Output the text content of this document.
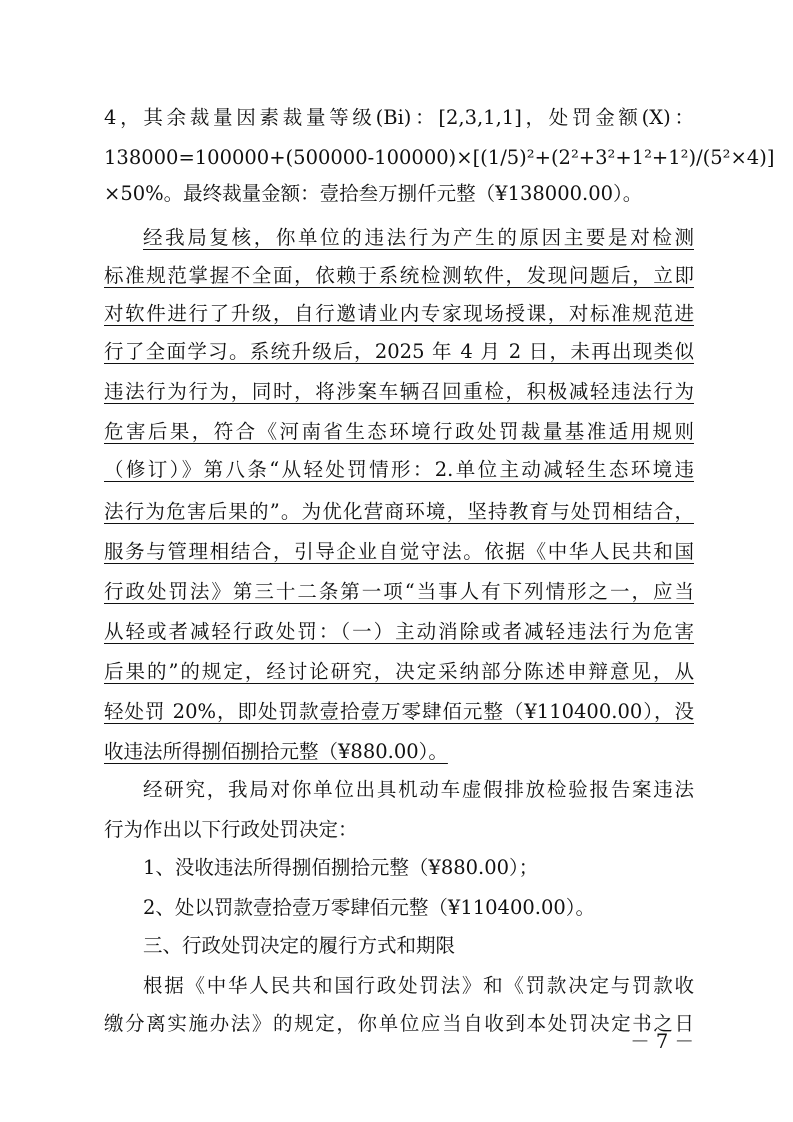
4，其余裁量因素裁量等级(Bi)：[2,3,1,1]，处罚金额(X)：
138000=100000+(500000-100000)×[(1/5)²+(2²+3²+1²+1²)/(5²×4)]
×50%。最终裁量金额：壹拾叁万捌仟元整（¥138000.00）。
经我局复核，你单位的违法行为产生的原因主要是对检测
标准规范掌握不全面，依赖于系统检测软件，发现问题后，立即
对软件进行了升级，自行邀请业内专家现场授课，对标准规范进
行了全面学习。系统升级后，2025 年 4 月 2 日，未再出现类似
违法行为行为，同时，将涉案车辆召回重检，积极减轻违法行为
危害后果，符合《河南省生态环境行政处罚裁量基准适用规则
（修订）》第八条“从轻处罚情形：2.单位主动减轻生态环境违
法行为危害后果的”。为优化营商环境，坚持教育与处罚相结合，
服务与管理相结合，引导企业自觉守法。依据《中华人民共和国
行政处罚法》第三十二条第一项“当事人有下列情形之一，应当
从轻或者减轻行政处罚：（一）主动消除或者减轻违法行为危害
后果的”的规定，经讨论研究，决定采纳部分陈述申辩意见，从
轻处罚 20%，即处罚款壹拾壹万零肆佰元整（¥110400.00），没
收违法所得捌佰捌拾元整（¥880.00）。
经研究，我局对你单位出具机动车虚假排放检验报告案违法
行为作出以下行政处罚决定：
1、没收违法所得捌佰捌拾元整（¥880.00）；
2、处以罚款壹拾壹万零肆佰元整（¥110400.00）。
三、行政处罚决定的履行方式和期限
根据《中华人民共和国行政处罚法》和《罚款决定与罚款收
缴分离实施办法》的规定，你单位应当自收到本处罚决定书之日
－ 7 －
